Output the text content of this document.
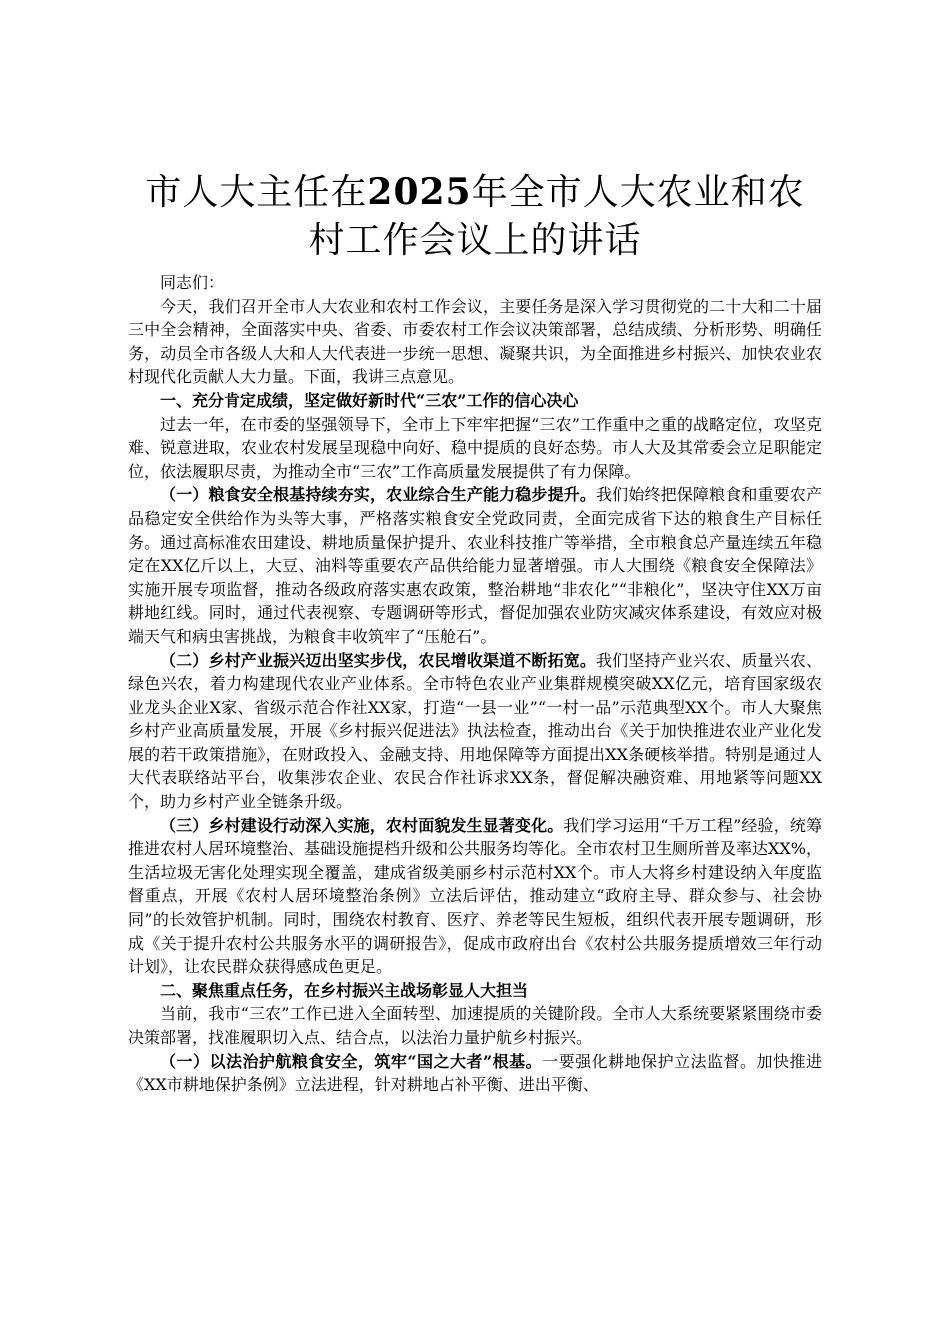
市人大主任在2025年全市人大农业和农村工作会议上的讲话

同志们：

今天，我们召开全市人大农业和农村工作会议，主要任务是深入学习贯彻党的二十大和二十届三中全会精神，全面落实中央、省委、市委农村工作会议决策部署，总结成绩、分析形势、明确任务，动员全市各级人大和人大代表进一步统一思想、凝聚共识，为全面推进乡村振兴、加快农业农村现代化贡献人大力量。下面，我讲三点意见。

一、充分肯定成绩，坚定做好新时代“三农”工作的信心决心

过去一年，在市委的坚强领导下，全市上下牢牢把握“三农”工作重中之重的战略定位，攻坚克难、锐意进取，农业农村发展呈现稳中向好、稳中提质的良好态势。市人大及其常委会立足职能定位，依法履职尽责，为推动全市“三农”工作高质量发展提供了有力保障。

（一）粮食安全根基持续夯实，农业综合生产能力稳步提升。我们始终把保障粮食和重要农产品稳定安全供给作为头等大事，严格落实粮食安全党政同责，全面完成省下达的粮食生产目标任务。通过高标准农田建设、耕地质量保护提升、农业科技推广等举措，全市粮食总产量连续五年稳定在XX亿斤以上，大豆、油料等重要农产品供给能力显著增强。市人大围绕《粮食安全保障法》实施开展专项监督，推动各级政府落实惠农政策，整治耕地“非农化”“非粮化”，坚决守住XX万亩耕地红线。同时，通过代表视察、专题调研等形式，督促加强农业防灾减灾体系建设，有效应对极端天气和病虫害挑战，为粮食丰收筑牢了“压舱石”。

（二）乡村产业振兴迈出坚实步伐，农民增收渠道不断拓宽。我们坚持产业兴农、质量兴农、绿色兴农，着力构建现代农业产业体系。全市特色农业产业集群规模突破XX亿元，培育国家级农业龙头企业X家、省级示范合作社XX家，打造“一县一业”“一村一品”示范典型XX个。市人大聚焦乡村产业高质量发展，开展《乡村振兴促进法》执法检查，推动出台《关于加快推进农业产业化发展的若干政策措施》，在财政投入、金融支持、用地保障等方面提出XX条硬核举措。特别是通过人大代表联络站平台，收集涉农企业、农民合作社诉求XX条，督促解决融资难、用地紧等问题XX个，助力乡村产业全链条升级。

（三）乡村建设行动深入实施，农村面貌发生显著变化。我们学习运用“千万工程”经验，统筹推进农村人居环境整治、基础设施提档升级和公共服务均等化。全市农村卫生厕所普及率达XX%，生活垃圾无害化处理实现全覆盖，建成省级美丽乡村示范村XX个。市人大将乡村建设纳入年度监督重点，开展《农村人居环境整治条例》立法后评估，推动建立“政府主导、群众参与、社会协同”的长效管护机制。同时，围绕农村教育、医疗、养老等民生短板，组织代表开展专题调研，形成《关于提升农村公共服务水平的调研报告》，促成市政府出台《农村公共服务提质增效三年行动计划》，让农民群众获得感成色更足。

二、聚焦重点任务，在乡村振兴主战场彰显人大担当

当前，我市“三农”工作已进入全面转型、加速提质的关键阶段。全市人大系统要紧紧围绕市委决策部署，找准履职切入点、结合点，以法治力量护航乡村振兴。

（一）以法治护航粮食安全，筑牢“国之大者”根基。一要强化耕地保护立法监督。加快推进《XX市耕地保护条例》立法进程，针对耕地占补平衡、进出平衡、
